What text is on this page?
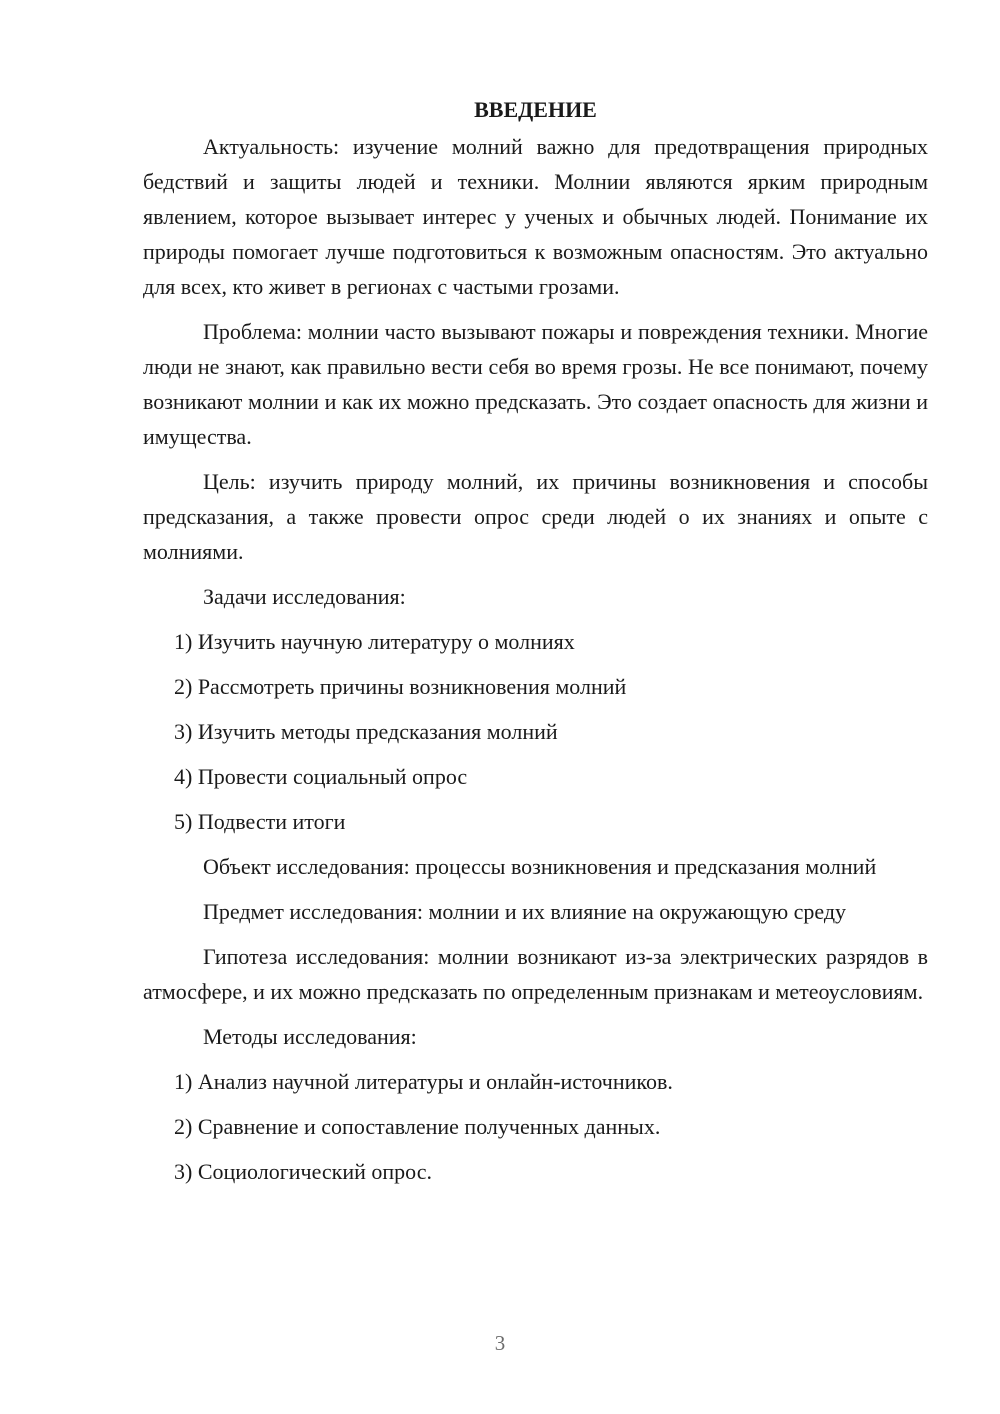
ВВЕДЕНИЕ

Актуальность: изучение молний важно для предотвращения природных бедствий и защиты людей и техники. Молнии являются ярким природным явлением, которое вызывает интерес у ученых и обычных людей. Понимание их природы помогает лучше подготовиться к возможным опасностям. Это актуально для всех, кто живет в регионах с частыми грозами.

Проблема: молнии часто вызывают пожары и повреждения техники. Многие люди не знают, как правильно вести себя во время грозы. Не все понимают, почему возникают молнии и как их можно предсказать. Это создает опасность для жизни и имущества.

Цель: изучить природу молний, их причины возникновения и способы предсказания, а также провести опрос среди людей о их знаниях и опыте с молниями.

Задачи исследования:

1) Изучить научную литературу о молниях
2) Рассмотреть причины возникновения молний
3) Изучить методы предсказания молний
4) Провести социальный опрос
5) Подвести итоги

Объект исследования: процессы возникновения и предсказания молний

Предмет исследования: молнии и их влияние на окружающую среду

Гипотеза исследования: молнии возникают из-за электрических разрядов в атмосфере, и их можно предсказать по определенным признакам и метеоусловиям.

Методы исследования:

1) Анализ научной литературы и онлайн-источников.
2) Сравнение и сопоставление полученных данных.
3) Социологический опрос.
3
